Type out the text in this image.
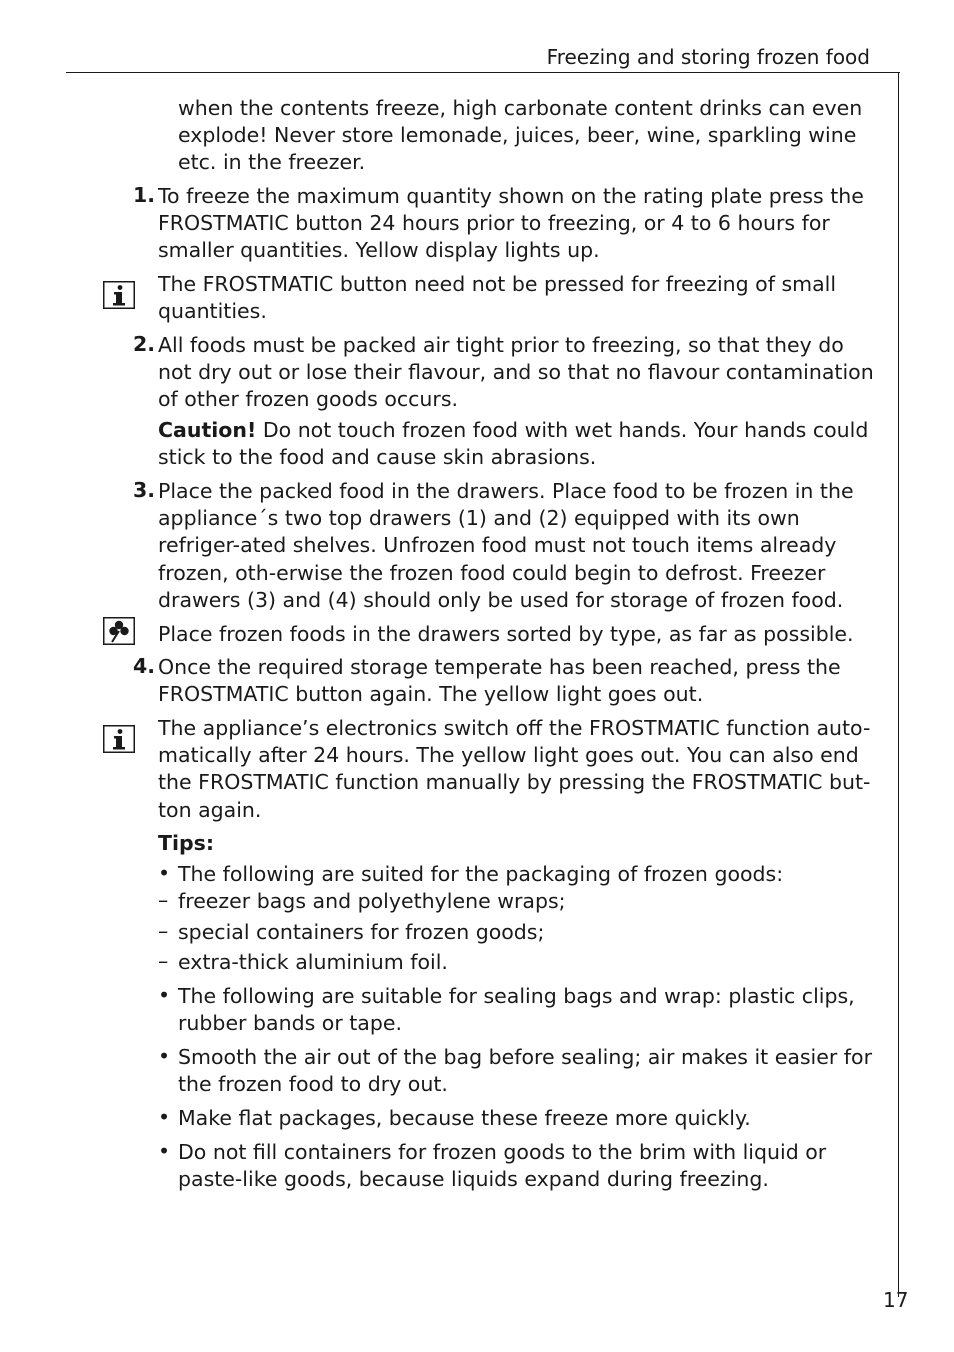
Freezing and storing frozen food
when the contents freeze, high carbonate content drinks can even explode! Never store lemonade, juices, beer, wine, sparkling wine etc. in the freezer.
1. To freeze the maximum quantity shown on the rating plate press the FROSTMATIC button 24 hours prior to freezing, or 4 to 6 hours for smaller quantities. Yellow display lights up.
The FROSTMATIC button need not be pressed for freezing of small quantities.
2. All foods must be packed air tight prior to freezing, so that they do not dry out or lose their flavour, and so that no flavour contamination of other frozen goods occurs.
Caution! Do not touch frozen food with wet hands. Your hands could stick to the food and cause skin abrasions.
3. Place the packed food in the drawers. Place food to be frozen in the appliance´s two top drawers (1) and (2) equipped with its own refriger-ated shelves. Unfrozen food must not touch items already frozen, oth-erwise the frozen food could begin to defrost. Freezer drawers (3) and (4) should only be used for storage of frozen food.
Place frozen foods in the drawers sorted by type, as far as possible.
4. Once the required storage temperate has been reached, press the FROSTMATIC button again. The yellow light goes out.
The appliance’s electronics switch off the FROSTMATIC function auto-matically after 24 hours. The yellow light goes out. You can also end the FROSTMATIC function manually by pressing the FROSTMATIC but-ton again.
Tips:
• The following are suited for the packaging of frozen goods:
– freezer bags and polyethylene wraps;
– special containers for frozen goods;
– extra-thick aluminium foil.
• The following are suitable for sealing bags and wrap: plastic clips, rubber bands or tape.
• Smooth the air out of the bag before sealing; air makes it easier for the frozen food to dry out.
• Make flat packages, because these freeze more quickly.
• Do not fill containers for frozen goods to the brim with liquid or paste-like goods, because liquids expand during freezing.
17
